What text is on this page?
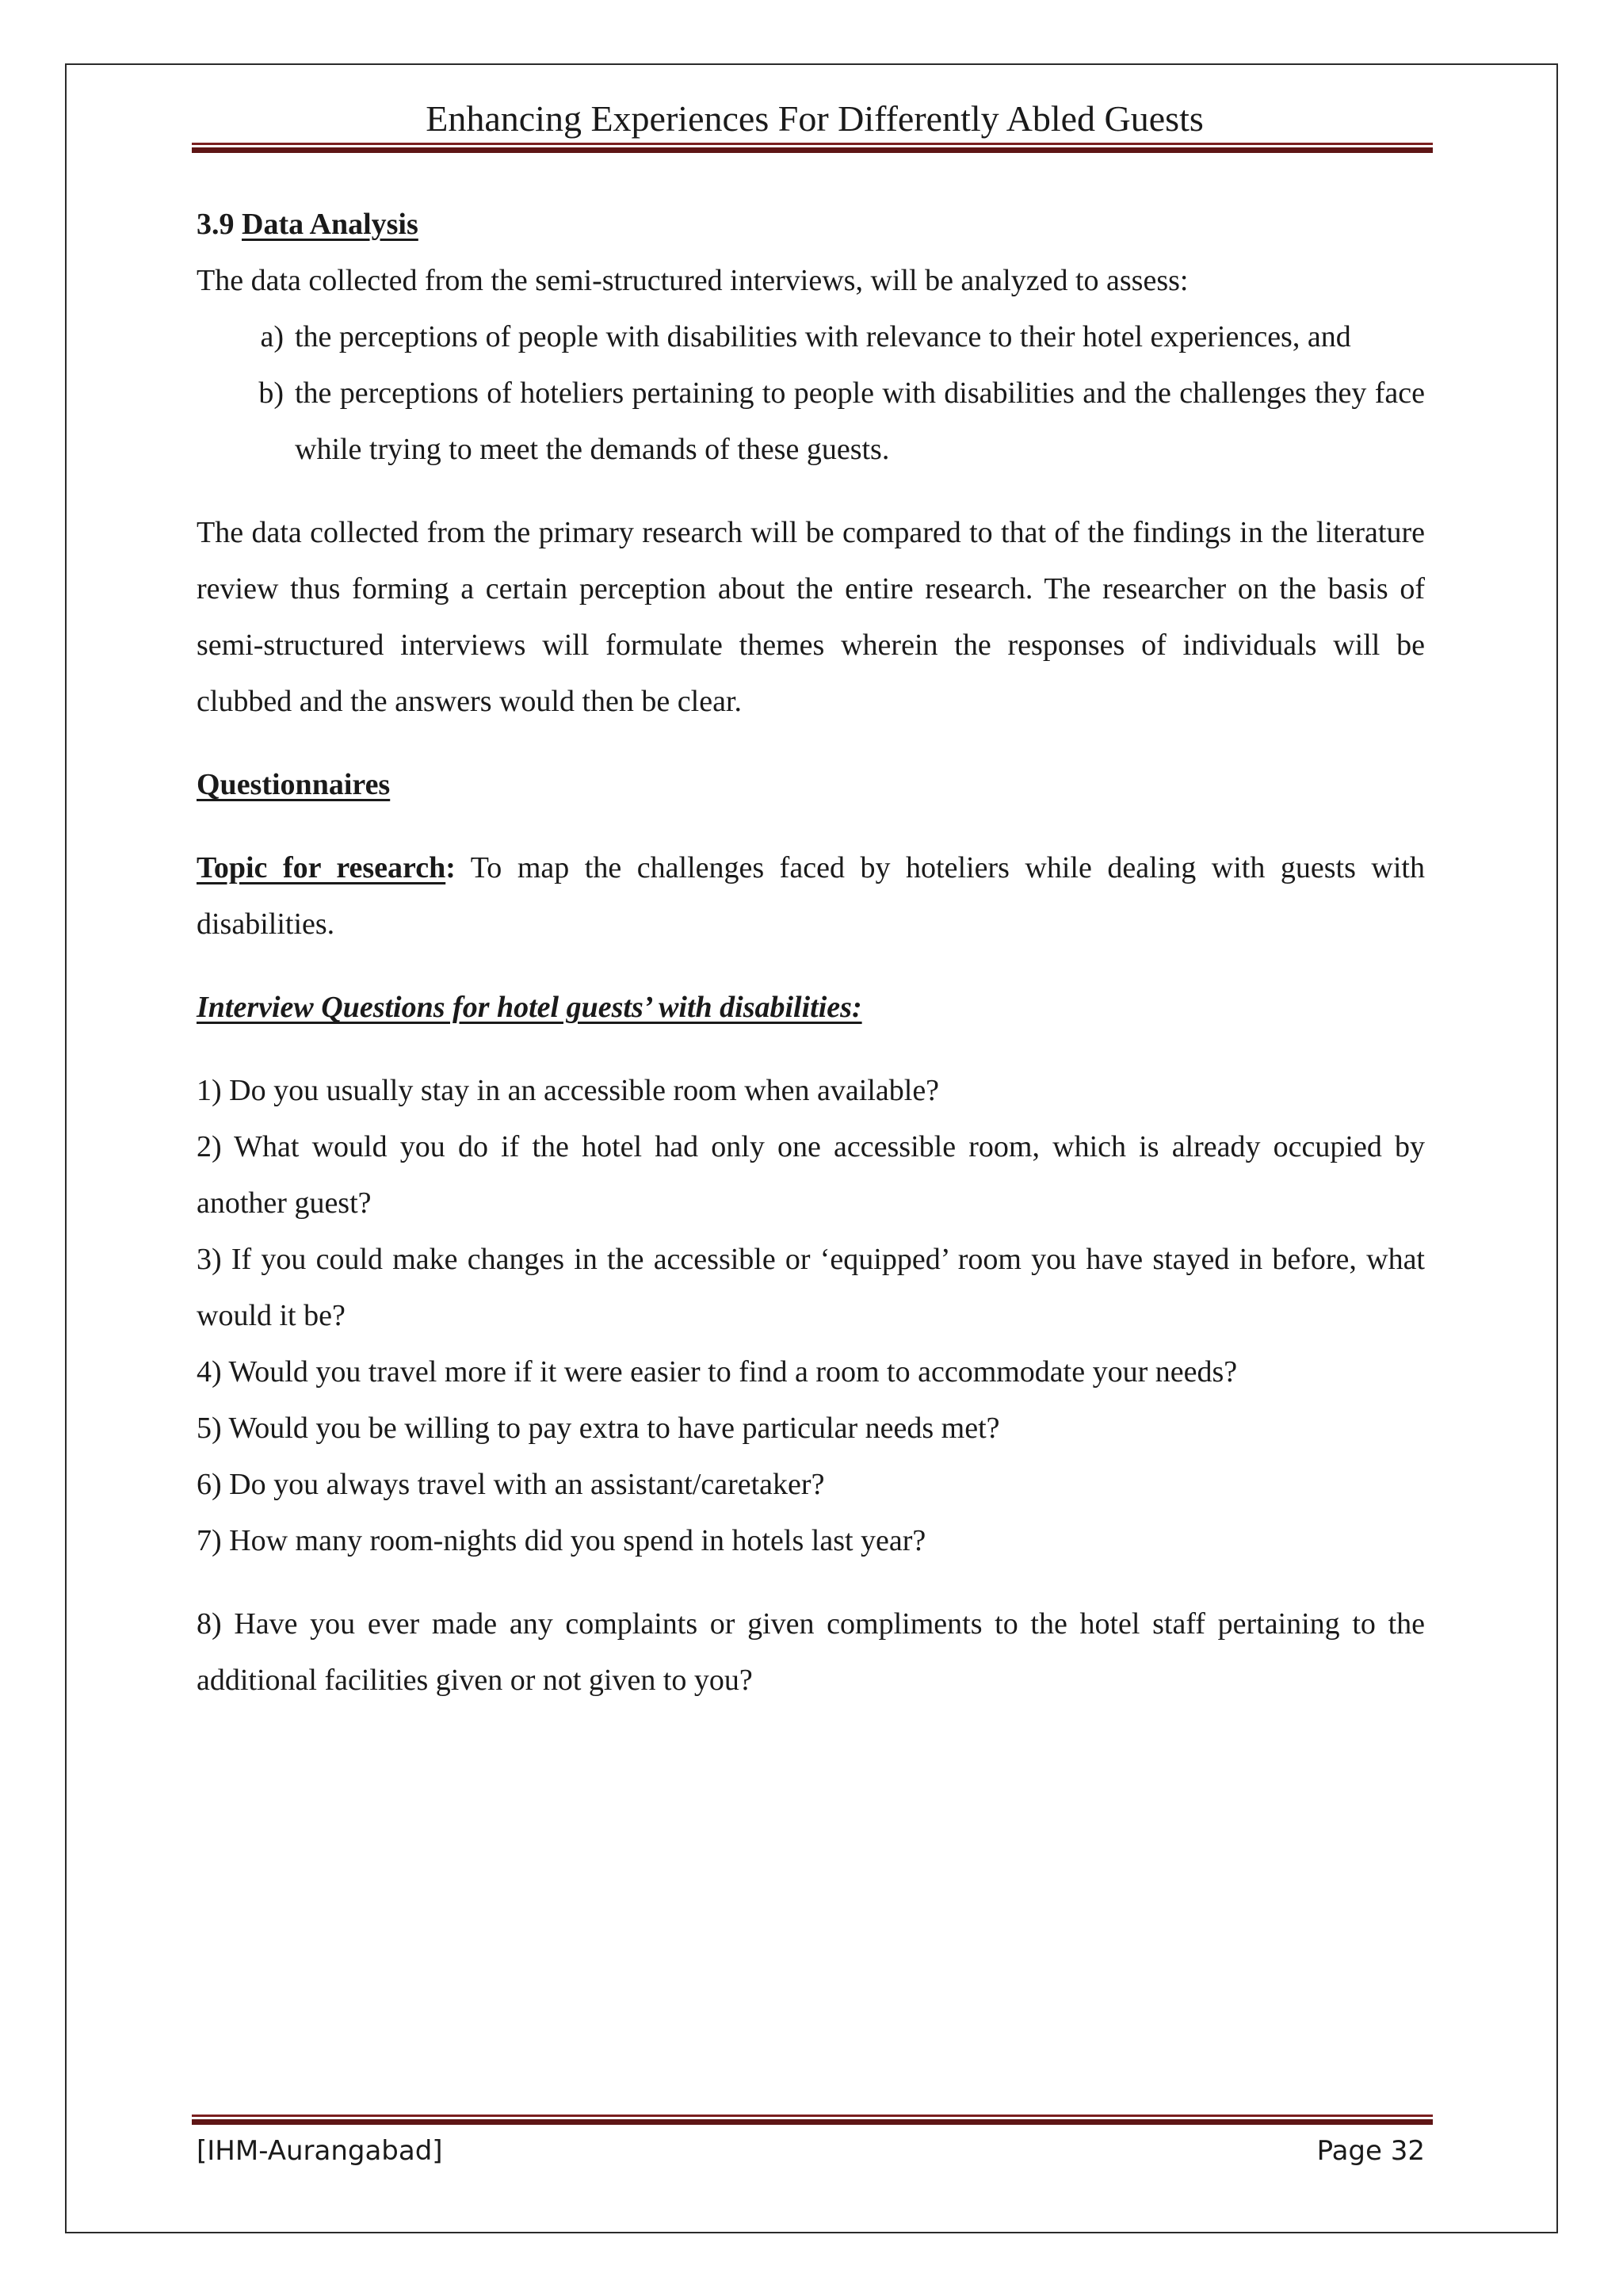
Enhancing Experiences For Differently Abled Guests

3.9 Data Analysis

The data collected from the semi-structured interviews, will be analyzed to assess:

a) the perceptions of people with disabilities with relevance to their hotel experiences, and
b) the perceptions of hoteliers pertaining to people with disabilities and the challenges they face while trying to meet the demands of these guests.

The data collected from the primary research will be compared to that of the findings in the literature review thus forming a certain perception about the entire research. The researcher on the basis of semi-structured interviews will formulate themes wherein the responses of individuals will be clubbed and the answers would then be clear.

Questionnaires

Topic for research: To map the challenges faced by hoteliers while dealing with guests with disabilities.

Interview Questions for hotel guests’ with disabilities:

1) Do you usually stay in an accessible room when available?

2) What would you do if the hotel had only one accessible room, which is already occupied by another guest?

3) If you could make changes in the accessible or ‘equipped’ room you have stayed in before, what would it be?

4) Would you travel more if it were easier to find a room to accommodate your needs?

5) Would you be willing to pay extra to have particular needs met?

6) Do you always travel with an assistant/caretaker?

7) How many room-nights did you spend in hotels last year?

8) Have you ever made any complaints or given compliments to the hotel staff pertaining to the additional facilities given or not given to you?

[IHM-Aurangabad]	Page 32
